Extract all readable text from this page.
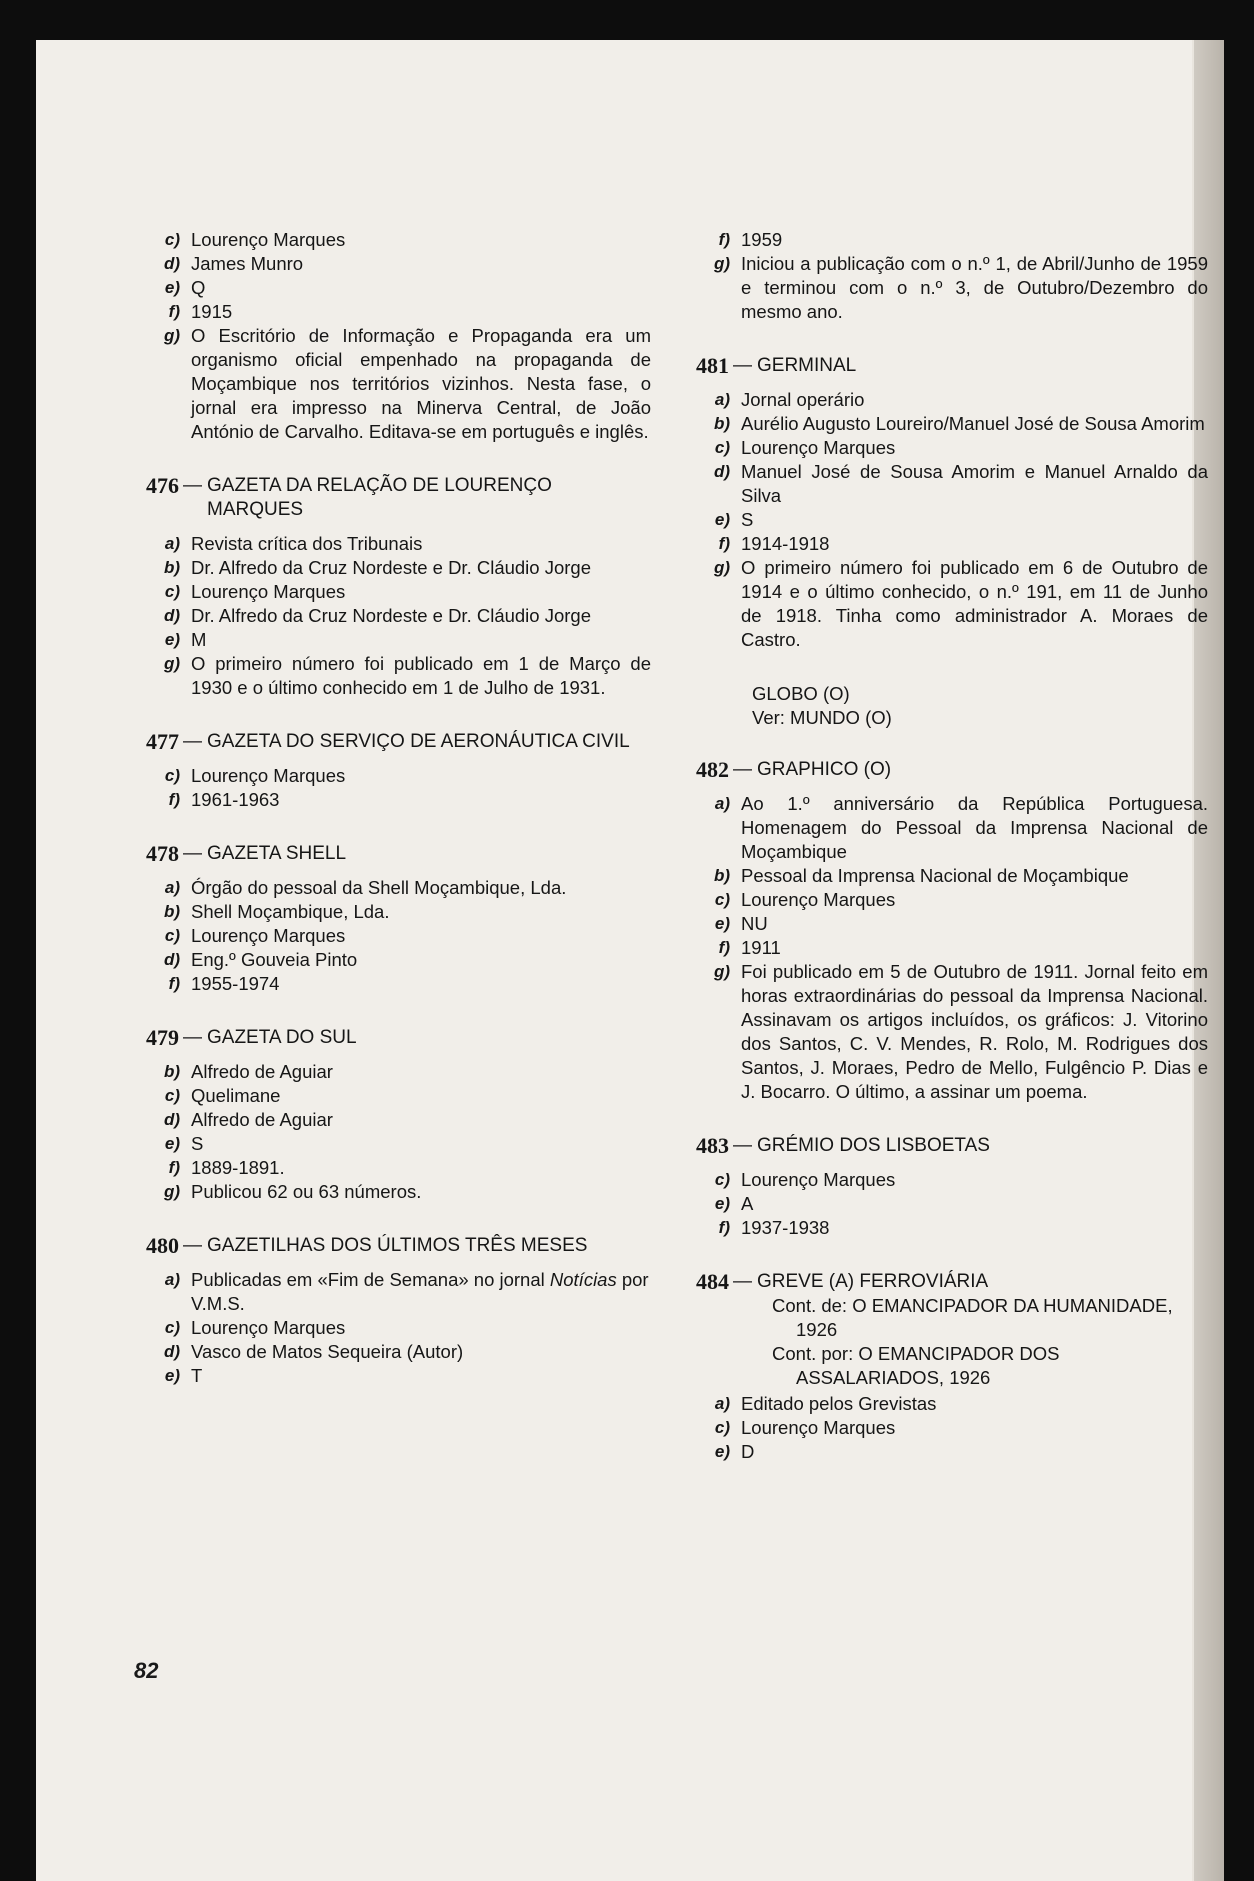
c) Lourenço Marques
d) James Munro
e) Q
f) 1915
g) O Escritório de Informação e Propaganda era um organismo oficial empenhado na propaganda de Moçambique nos territórios vizinhos. Nesta fase, o jornal era impresso na Minerva Central, de João António de Carvalho. Editava-se em português e inglês.
476 — GAZETA DA RELAÇÃO DE LOURENÇO MARQUES
a) Revista crítica dos Tribunais
b) Dr. Alfredo da Cruz Nordeste e Dr. Cláudio Jorge
c) Lourenço Marques
d) Dr. Alfredo da Cruz Nordeste e Dr. Cláudio Jorge
e) M
g) O primeiro número foi publicado em 1 de Março de 1930 e o último conhecido em 1 de Julho de 1931.
477 — GAZETA DO SERVIÇO DE AERONÁUTICA CIVIL
c) Lourenço Marques
f) 1961-1963
478 — GAZETA SHELL
a) Órgão do pessoal da Shell Moçambique, Lda.
b) Shell Moçambique, Lda.
c) Lourenço Marques
d) Eng.º Gouveia Pinto
f) 1955-1974
479 — GAZETA DO SUL
b) Alfredo de Aguiar
c) Quelimane
d) Alfredo de Aguiar
e) S
f) 1889-1891.
g) Publicou 62 ou 63 números.
480 — GAZETILHAS DOS ÚLTIMOS TRÊS MESES
a) Publicadas em «Fim de Semana» no jornal Notícias por V.M.S.
c) Lourenço Marques
d) Vasco de Matos Sequeira (Autor)
e) T
f) 1959
g) Iniciou a publicação com o n.º 1, de Abril/Junho de 1959 e terminou com o n.º 3, de Outubro/Dezembro do mesmo ano.
481 — GERMINAL
a) Jornal operário
b) Aurélio Augusto Loureiro/Manuel José de Sousa Amorim
c) Lourenço Marques
d) Manuel José de Sousa Amorim e Manuel Arnaldo da Silva
e) S
f) 1914-1918
g) O primeiro número foi publicado em 6 de Outubro de 1914 e o último conhecido, o n.º 191, em 11 de Junho de 1918. Tinha como administrador A. Moraes de Castro.
GLOBO (O)
Ver: MUNDO (O)
482 — GRAPHICO (O)
a) Ao 1.º anniversário da República Portuguesa. Homenagem do Pessoal da Imprensa Nacional de Moçambique
b) Pessoal da Imprensa Nacional de Moçambique
c) Lourenço Marques
e) NU
f) 1911
g) Foi publicado em 5 de Outubro de 1911. Jornal feito em horas extraordinárias do pessoal da Imprensa Nacional. Assinavam os artigos incluídos, os gráficos: J. Vitorino dos Santos, C. V. Mendes, R. Rolo, M. Rodrigues dos Santos, J. Moraes, Pedro de Mello, Fulgêncio P. Dias e J. Bocarro. O último, a assinar um poema.
483 — GRÉMIO DOS LISBOETAS
c) Lourenço Marques
e) A
f) 1937-1938
484 — GREVE (A) FERROVIÁRIA
Cont. de: O EMANCIPADOR DA HUMANIDADE, 1926
Cont. por: O EMANCIPADOR DOS ASSALARIADOS, 1926
a) Editado pelos Grevistas
c) Lourenço Marques
e) D
82
